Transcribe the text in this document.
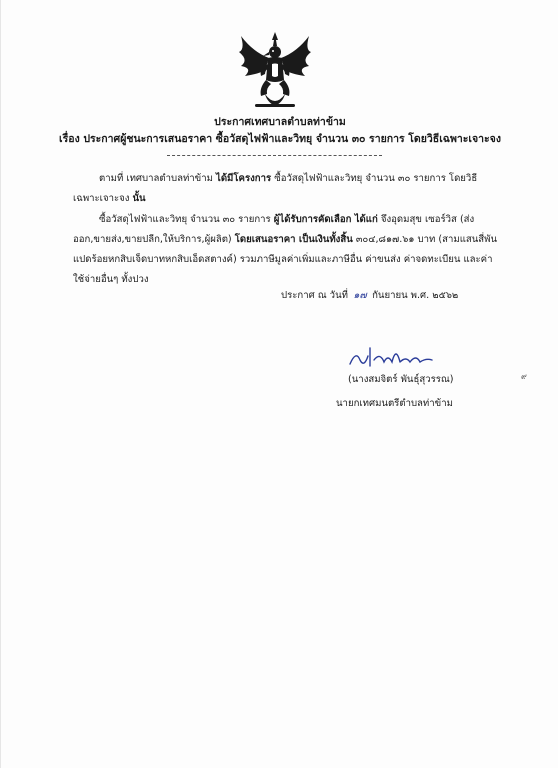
ประกาศเทศบาลตำบลท่าข้าม
เรื่อง ประกาศผู้ชนะการเสนอราคา ซื้อวัสดุไฟฟ้าและวิทยุ จำนวน ๓๐ รายการ โดยวิธีเฉพาะเจาะจง
ตามที่ เทศบาลตำบลท่าข้าม ได้มีโครงการ ซื้อวัสดุไฟฟ้าและวิทยุ จำนวน ๓๐ รายการ โดยวิธีเฉพาะเจาะจง นั้น
ซื้อวัสดุไฟฟ้าและวิทยุ จำนวน ๓๐ รายการ ผู้ได้รับการคัดเลือก ได้แก่ จึงอุดมสุข เซอร์วิส (ส่งออก,ขายส่ง,ขายปลีก,ให้บริการ,ผู้ผลิต) โดยเสนอราคา เป็นเงินทั้งสิ้น ๓๐๔,๘๑๗.๖๑ บาท (สามแสนสี่พันแปดร้อยหกสิบเจ็ดบาทหกสิบเอ็ดสตางค์) รวมภาษีมูลค่าเพิ่มและภาษีอื่น ค่าขนส่ง ค่าจดทะเบียน และค่าใช้จ่ายอื่นๆ ทั้งปวง
ประกาศ ณ วันที่ ๑๗ กันยายน พ.ศ. ๒๕๖๒
(นางสมจิตร์ พันธุ์สุวรรณ)
นายกเทศมนตรีตำบลท่าข้าม
๙
